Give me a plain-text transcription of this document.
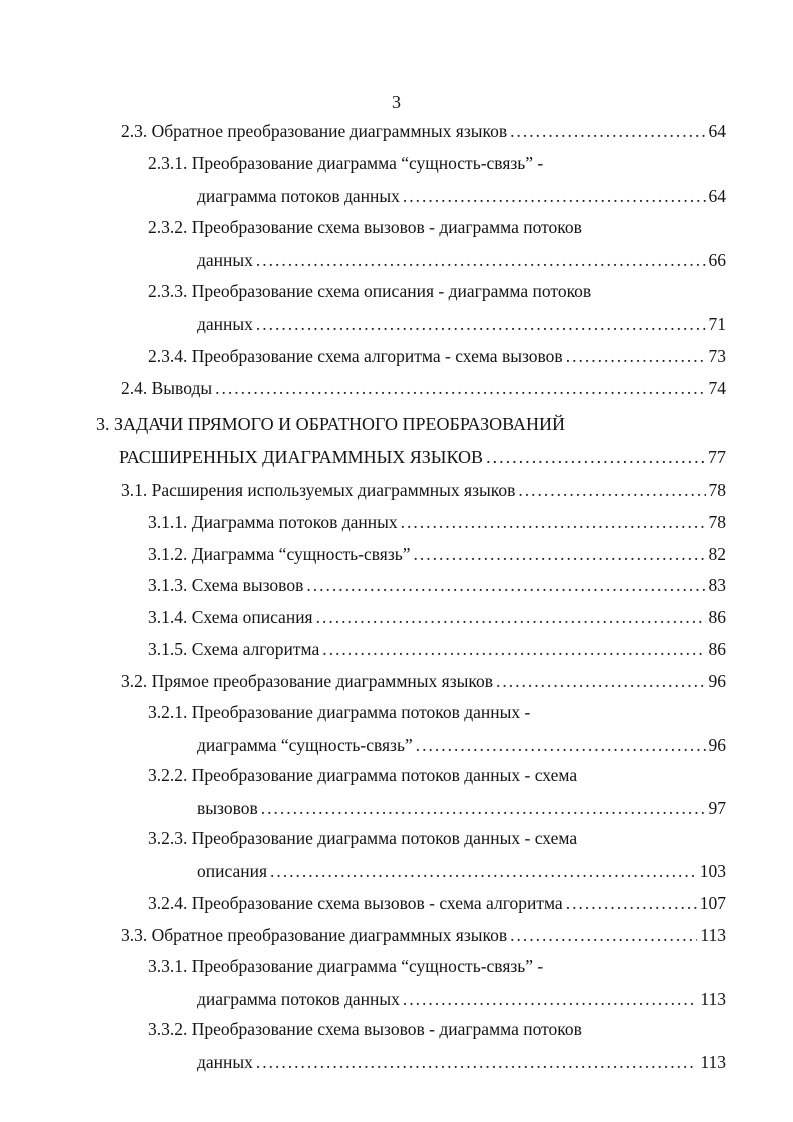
3
2.3. Обратное преобразование диаграммных языков .....	64
2.3.1. Преобразование диаграмма “сущность-связь” -
диаграмма потоков данных .....	64
2.3.2. Преобразование схема вызовов - диаграмма потоков
данных .....	66
2.3.3. Преобразование схема описания - диаграмма потоков
данных .....	71
2.3.4. Преобразование схема алгоритма - схема вызовов .....	73
2.4. Выводы .....	74
3. ЗАДАЧИ ПРЯМОГО И ОБРАТНОГО ПРЕОБРАЗОВАНИЙ
РАСШИРЕННЫХ ДИАГРАММНЫХ ЯЗЫКОВ .....	77
3.1. Расширения используемых диаграммных языков .....	78
3.1.1. Диаграмма потоков данных .....	78
3.1.2. Диаграмма “сущность-связь” .....	82
3.1.3. Схема вызовов .....	83
3.1.4. Схема описания .....	86
3.1.5. Схема алгоритма .....	86
3.2. Прямое преобразование диаграммных языков .....	96
3.2.1. Преобразование диаграмма потоков данных -
диаграмма “сущность-связь” .....	96
3.2.2. Преобразование диаграмма потоков данных - схема
вызовов .....	97
3.2.3. Преобразование диаграмма потоков данных - схема
описания .....	103
3.2.4. Преобразование схема вызовов - схема алгоритма .....	107
3.3. Обратное преобразование диаграммных языков .....	113
3.3.1. Преобразование диаграмма “сущность-связь” -
диаграмма потоков данных .....	113
3.3.2. Преобразование схема вызовов - диаграмма потоков
данных .....	113
